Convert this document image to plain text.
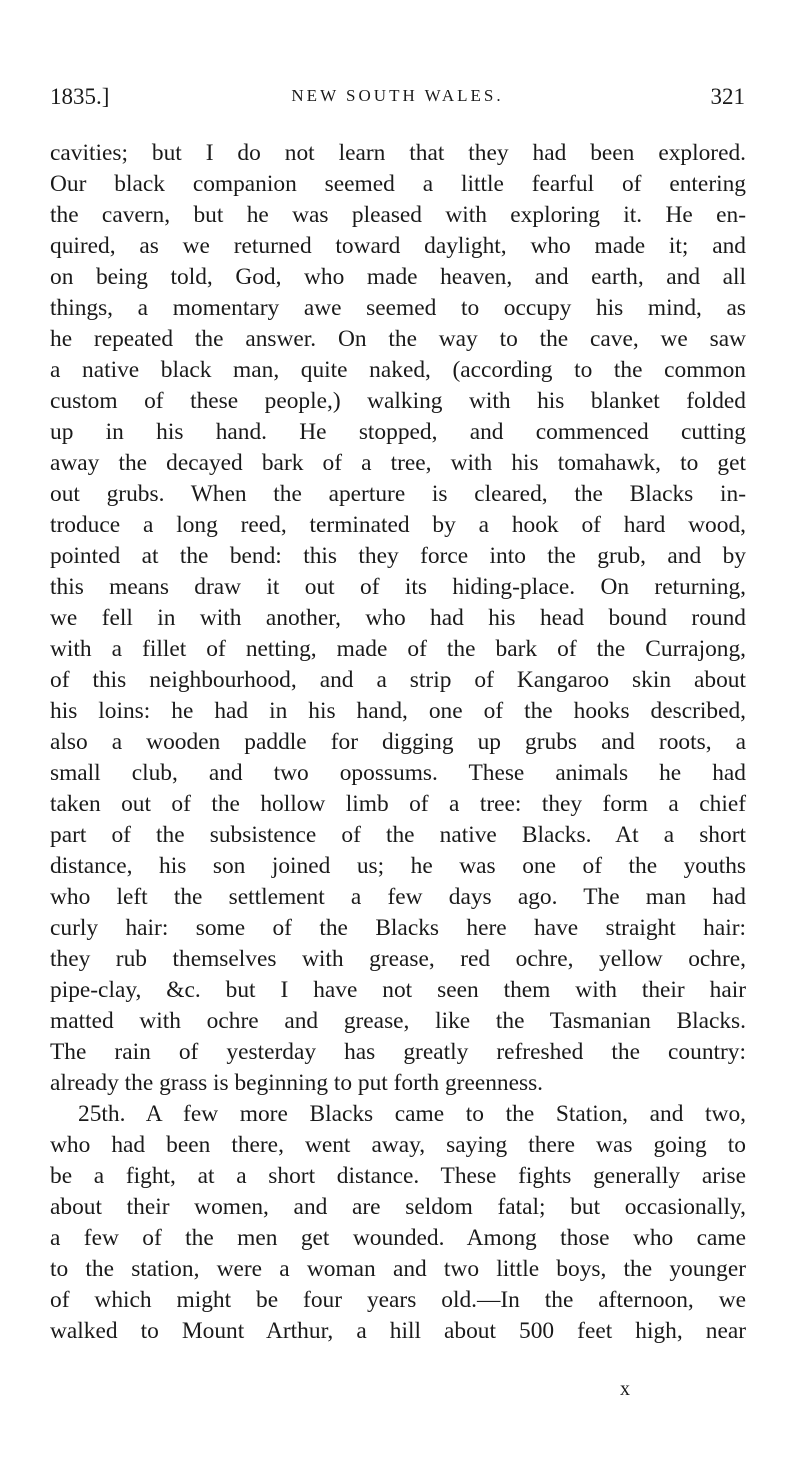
1835.]	NEW SOUTH WALES.	321
cavities; but I do not learn that they had been explored.
Our black companion seemed a little fearful of entering
the cavern, but he was pleased with exploring it. He en-
quired, as we returned toward daylight, who made it; and
on being told, God, who made heaven, and earth, and all
things, a momentary awe seemed to occupy his mind, as
he repeated the answer. On the way to the cave, we saw
a native black man, quite naked, (according to the common
custom of these people,) walking with his blanket folded
up in his hand. He stopped, and commenced cutting
away the decayed bark of a tree, with his tomahawk, to get
out grubs. When the aperture is cleared, the Blacks in-
troduce a long reed, terminated by a hook of hard wood,
pointed at the bend: this they force into the grub, and by
this means draw it out of its hiding-place. On returning,
we fell in with another, who had his head bound round
with a fillet of netting, made of the bark of the Currajong,
of this neighbourhood, and a strip of Kangaroo skin about
his loins: he had in his hand, one of the hooks described,
also a wooden paddle for digging up grubs and roots, a
small club, and two opossums. These animals he had
taken out of the hollow limb of a tree: they form a chief
part of the subsistence of the native Blacks. At a short
distance, his son joined us; he was one of the youths
who left the settlement a few days ago. The man had
curly hair: some of the Blacks here have straight hair:
they rub themselves with grease, red ochre, yellow ochre,
pipe-clay, &c. but I have not seen them with their hair
matted with ochre and grease, like the Tasmanian Blacks.
The rain of yesterday has greatly refreshed the country:
already the grass is beginning to put forth greenness.
25th. A few more Blacks came to the Station, and two,
who had been there, went away, saying there was going to
be a fight, at a short distance. These fights generally arise
about their women, and are seldom fatal; but occasionally,
a few of the men get wounded. Among those who came
to the station, were a woman and two little boys, the younger
of which might be four years old.—In the afternoon, we
walked to Mount Arthur, a hill about 500 feet high, near
x
